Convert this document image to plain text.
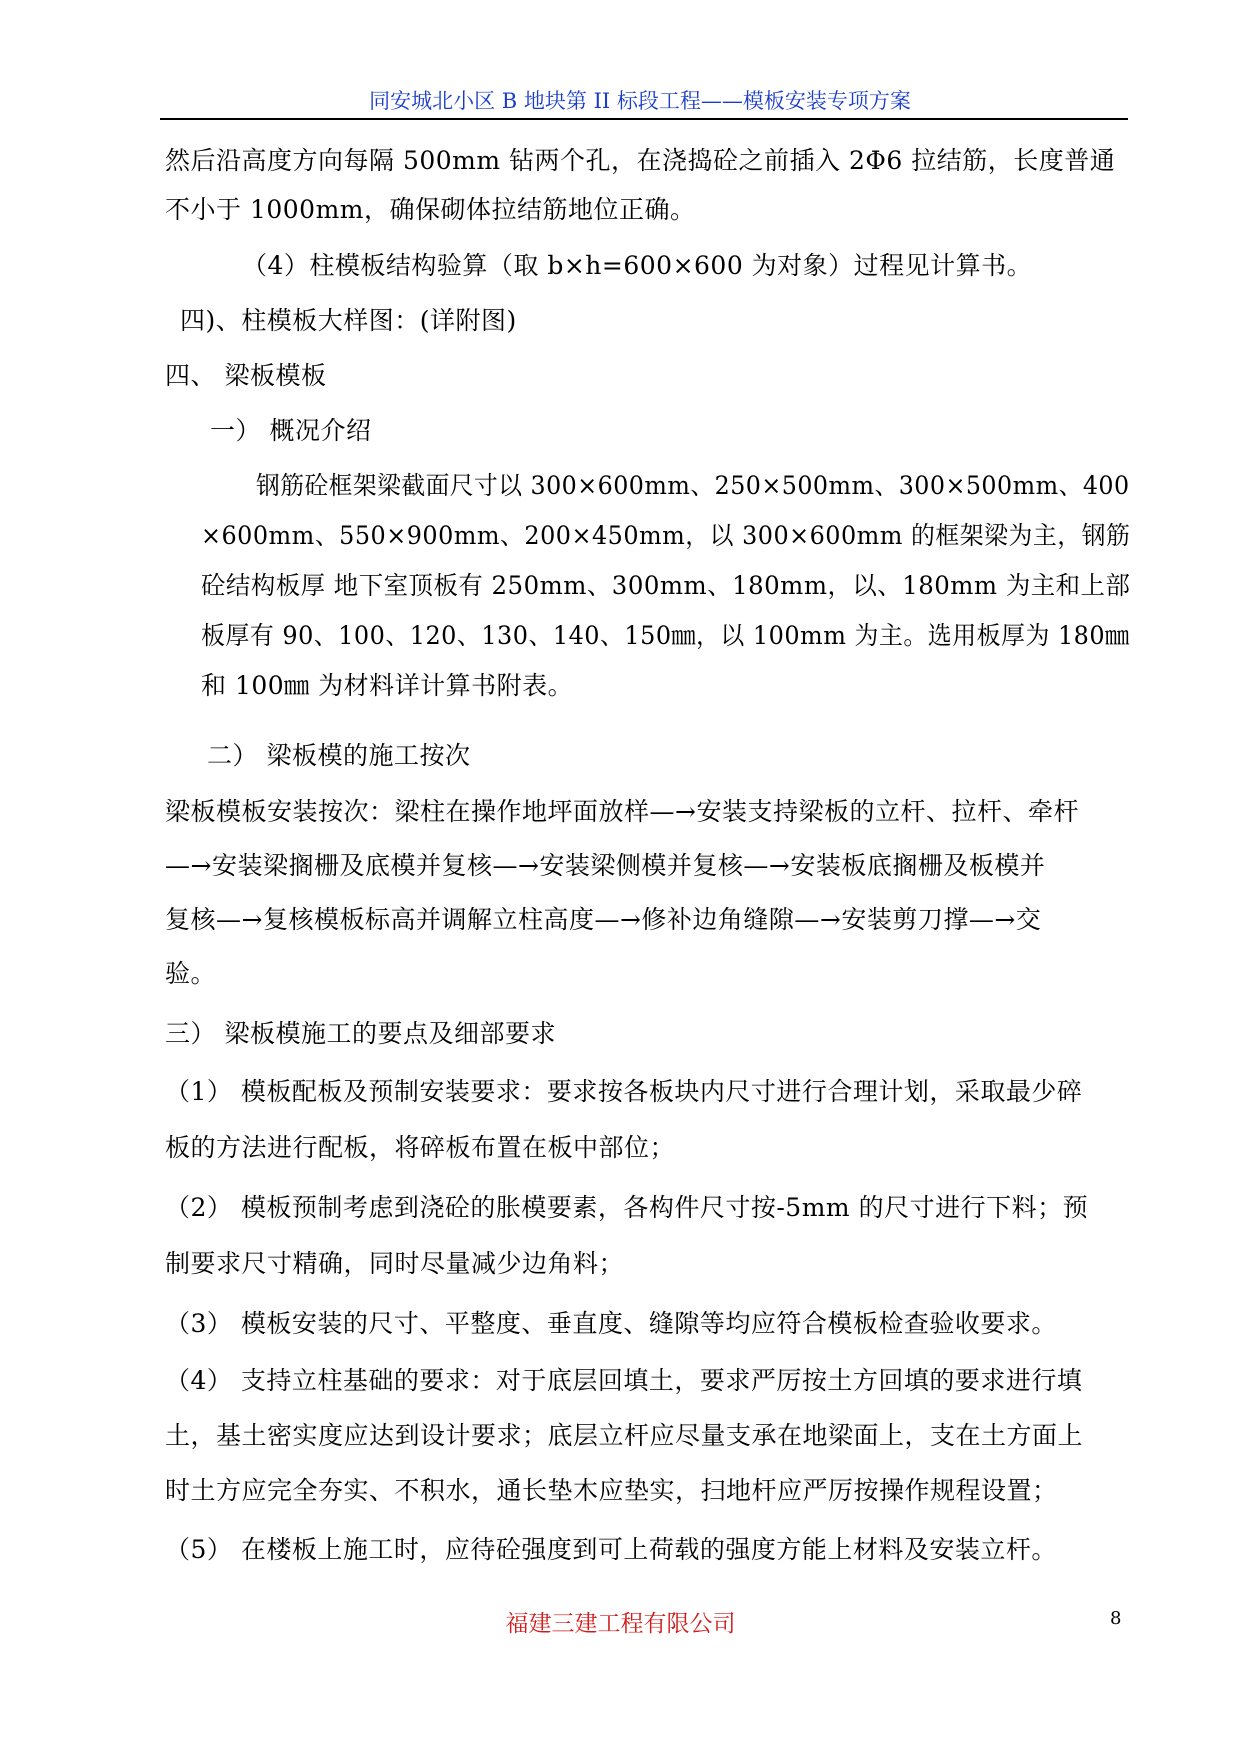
同安城北小区 B 地块第 II 标段工程——模板安装专项方案
然后沿高度方向每隔 500mm 钻两个孔，在浇捣砼之前插入 2Φ6 拉结筋，长度普通
不小于 1000mm，确保砌体拉结筋地位正确。
（4）柱模板结构验算（取 b×h=600×600 为对象）过程见计算书。
四)、柱模板大样图：(详附图)
四、 梁板模板
一） 概况介绍
钢筋砼框架梁截面尺寸以 300×600mm、250×500mm、300×500mm、400
×600mm、550×900mm、200×450mm，以 300×600mm 的框架梁为主，钢筋
砼结构板厚 地下室顶板有 250mm、300mm、180mm，以、180mm 为主和上部
板厚有 90、100、120、130、140、150㎜，以 100mm 为主。选用板厚为 180㎜
和 100㎜ 为材料详计算书附表。
二） 梁板模的施工按次
梁板模板安装按次：梁柱在操作地坪面放样—→安装支持梁板的立杆、拉杆、牵杆
—→安装梁搁栅及底模并复核—→安装梁侧模并复核—→安装板底搁栅及板模并
复核—→复核模板标高并调解立柱高度—→修补边角缝隙—→安装剪刀撑—→交
验。
三） 梁板模施工的要点及细部要求
（1） 模板配板及预制安装要求：要求按各板块内尺寸进行合理计划，采取最少碎
板的方法进行配板，将碎板布置在板中部位；
（2） 模板预制考虑到浇砼的胀模要素，各构件尺寸按-5mm 的尺寸进行下料；预
制要求尺寸精确，同时尽量减少边角料；
（3） 模板安装的尺寸、平整度、垂直度、缝隙等均应符合模板检查验收要求。
（4） 支持立柱基础的要求：对于底层回填土，要求严厉按土方回填的要求进行填
土，基土密实度应达到设计要求；底层立杆应尽量支承在地梁面上，支在土方面上
时土方应完全夯实、不积水，通长垫木应垫实，扫地杆应严厉按操作规程设置；
（5） 在楼板上施工时，应待砼强度到可上荷载的强度方能上材料及安装立杆。
福建三建工程有限公司	8
